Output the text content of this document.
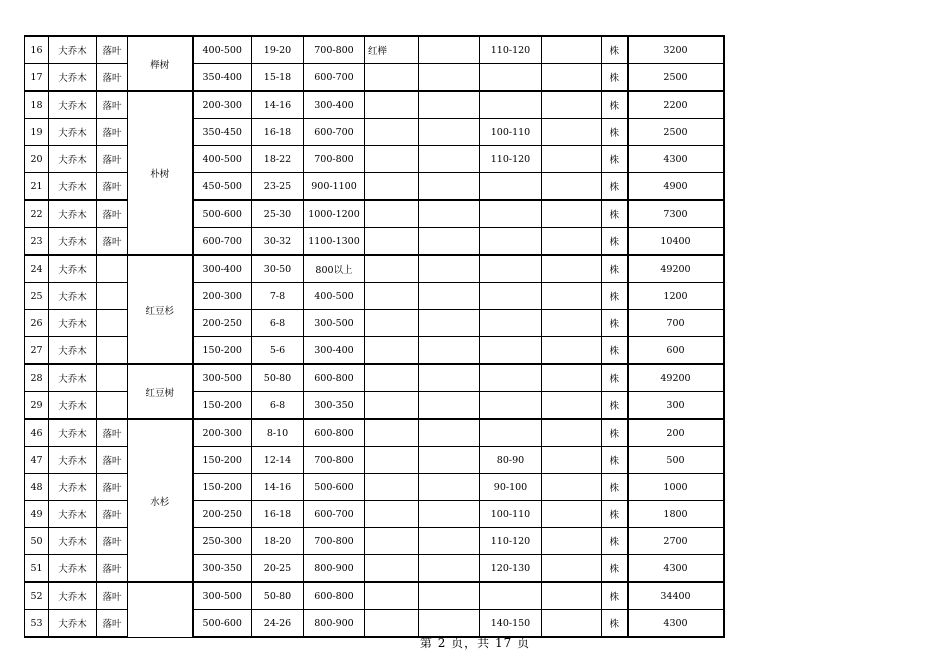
16	大乔木	落叶	榉树	400-500	19-20	700-800	红榉		110-120		株	3200
17	大乔木	落叶		350-400	15-18	600-700					株	2500
18	大乔木	落叶	朴树	200-300	14-16	300-400					株	2200
19	大乔木	落叶		350-450	16-18	600-700			100-110		株	2500
20	大乔木	落叶		400-500	18-22	700-800			110-120		株	4300
21	大乔木	落叶		450-500	23-25	900-1100					株	4900
22	大乔木	落叶		500-600	25-30	1000-1200					株	7300
23	大乔木	落叶		600-700	30-32	1100-1300					株	10400
24	大乔木		红豆杉	300-400	30-50	800以上					株	49200
25	大乔木			200-300	7-8	400-500					株	1200
26	大乔木			200-250	6-8	300-500					株	700
27	大乔木			150-200	5-6	300-400					株	600
28	大乔木		红豆树	300-500	50-80	600-800					株	49200
29	大乔木			150-200	6-8	300-350					株	300
46	大乔木	落叶	水杉	200-300	8-10	600-800					株	200
47	大乔木	落叶		150-200	12-14	700-800			80-90		株	500
48	大乔木	落叶		150-200	14-16	500-600			90-100		株	1000
49	大乔木	落叶		200-250	16-18	600-700			100-110		株	1800
50	大乔木	落叶		250-300	18-20	700-800			110-120		株	2700
51	大乔木	落叶		300-350	20-25	800-900			120-130		株	4300
52	大乔木	落叶		300-500	50-80	600-800					株	34400
53	大乔木	落叶		500-600	24-26	800-900			140-150		株	4300
第 2 页，共 17 页
